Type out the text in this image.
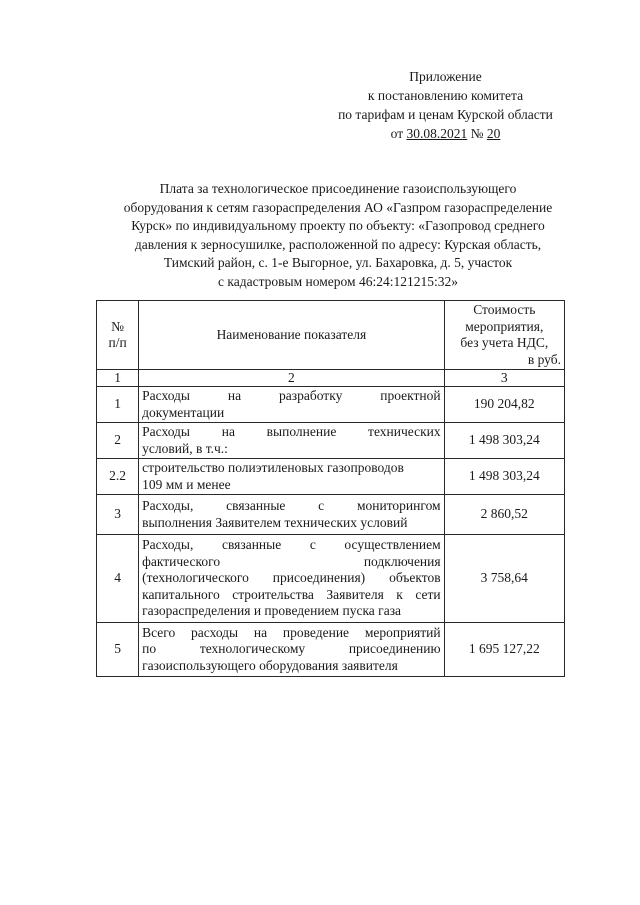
Приложение
к постановлению комитета
по тарифам и ценам Курской области
от 30.08.2021 № 20
Плата за технологическое присоединение газоиспользующего
оборудования к сетям газораспределения АО «Газпром газораспределение
Курск» по индивидуальному проекту по объекту: «Газопровод среднего
давления к зерносушилке, расположенной по адресу: Курская область,
Тимский район, с. 1-е Выгорное, ул. Бахаровка, д. 5, участок
с кадастровым номером 46:24:121215:32»
№
п/п	Наименование показателя	Стоимость
мероприятия,
без учета НДС,
в руб.

1	2	3
1	Расходы на разработку проектной
документации	190 204,82
2	Расходы на выполнение технических
условий, в т.ч.:	1 498 303,24
2.2	строительство полиэтиленовых газопроводов
109 мм и менее	1 498 303,24
3	Расходы, связанные с мониторингом
выполнения Заявителем технических условий	2 860,52
4	Расходы, связанные с осуществлением
фактического подключения
(технологического присоединения) объектов
капитального строительства Заявителя к сети
газораспределения и проведением пуска газа	3 758,64
5	Всего расходы на проведение мероприятий
по технологическому присоединению
газоиспользующего оборудования заявителя	1 695 127,22
